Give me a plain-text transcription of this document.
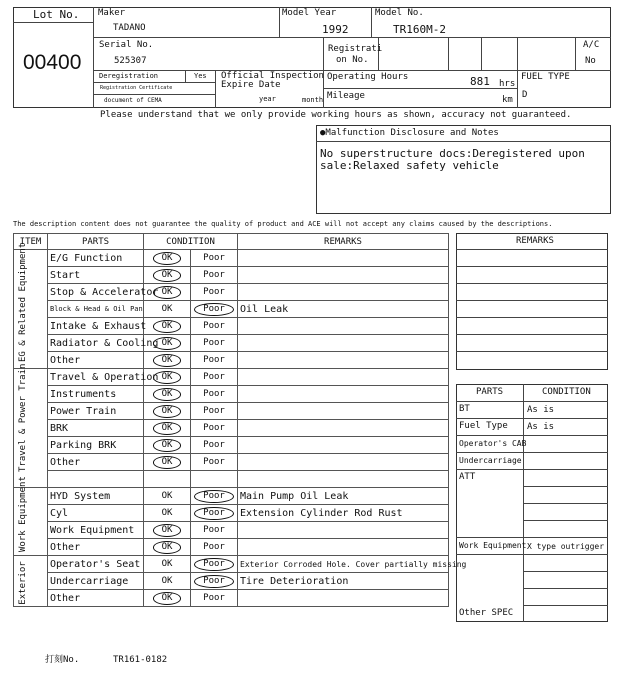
Lot No.
00400
Maker
TADANO
Model Year
1992
Model No.
TR160M-2
Serial No.
525307
Registrati
on No.
A/C
No
Deregistration	Yes
Registration Certificate
document of CEMA
Official Inspection
Expire Date
year	month
Operating Hours	881 hrs
Mileage	km
FUEL TYPE
D
Please understand that we only provide working hours as shown, accuracy not guaranteed.
●Malfunction Disclosure and Notes
No superstructure docs:Deregistered upon
sale:Relaxed safety vehicle
The description content does not guarantee the quality of product and ACE will not accept any claims caused by the descriptions.
ITEM	PARTS	CONDITION		REMARKS
	E/G Function	OK	Poor	
	Start	OK	Poor	
	Stop & Accelerator	OK	Poor	
	Block & Head & Oil Pan	OK	Poor	Oil Leak
	Intake & Exhaust	OK	Poor	
	Radiator & Cooling	OK	Poor	
	Other	OK	Poor	
	Travel & Operation	OK	Poor	
	Instruments	OK	Poor	
	Power Train	OK	Poor	
	BRK	OK	Poor	
	Parking BRK	OK	Poor	
	Other	OK	Poor	

	HYD System	OK	Poor	Main Pump Oil Leak
	Cyl	OK	Poor	Extension Cylinder Rod Rust
	Work Equipment	OK	Poor	
	Other	OK	Poor	
	Operator's Seat	OK	Poor	Exterior Corroded Hole. Cover partially missing
	Undercarriage	OK	Poor	Tire Deterioration
	Other	OK	Poor	
EG & Related Equipment
Travel & Power Train
Work Equipment
Exterior
REMARKS
PARTS	CONDITION
BT	As is
Fuel Type As is
Operator's CAB
Undercarriage
ATT
Work Equipment X type outrigger
Other SPEC
打刻No.	TR161-0182
